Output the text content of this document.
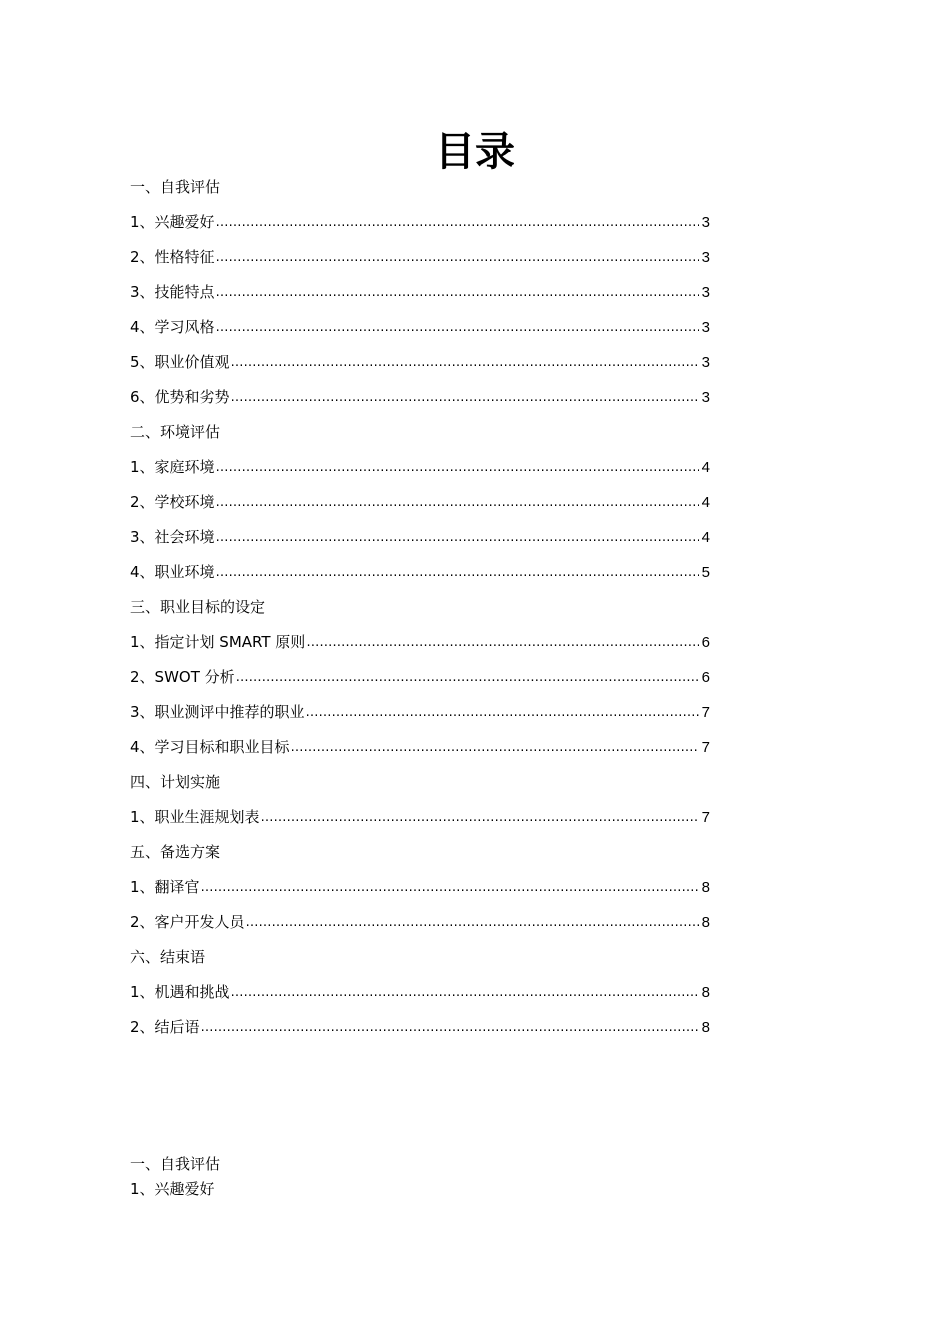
目录
一、自我评估
1、兴趣爱好 ………………………………………………………………………………………………………………………………………………………………………………………………………	3
2、性格特征 ………………………………………………………………………………………………………………………………………………………………………………………………………	3
3、技能特点 ………………………………………………………………………………………………………………………………………………………………………………………………………	3
4、学习风格 ………………………………………………………………………………………………………………………………………………………………………………………………………	3
5、职业价值观 ………………………………………………………………………………………………………………………………………………………………………………………………………	3
6、优势和劣势 ………………………………………………………………………………………………………………………………………………………………………………………………………	3
二、环境评估
1、家庭环境 ………………………………………………………………………………………………………………………………………………………………………………………………………	4
2、学校环境 ………………………………………………………………………………………………………………………………………………………………………………………………………	4
3、社会环境 ………………………………………………………………………………………………………………………………………………………………………………………………………	4
4、职业环境 ………………………………………………………………………………………………………………………………………………………………………………………………………	5
三、职业目标的设定
1、指定计划 SMART 原则 ………………………………………………………………………………………………………………………………………………………………………………………………………	6
2、SWOT 分析 ………………………………………………………………………………………………………………………………………………………………………………………………………	6
3、职业测评中推荐的职业 ………………………………………………………………………………………………………………………………………………………………………………………………………	7
4、学习目标和职业目标 ………………………………………………………………………………………………………………………………………………………………………………………………………	7
四、计划实施
1、职业生涯规划表 ………………………………………………………………………………………………………………………………………………………………………………………………………	7
五、备选方案
1、翻译官 ………………………………………………………………………………………………………………………………………………………………………………………………………	8
2、客户开发人员 ………………………………………………………………………………………………………………………………………………………………………………………………………	8
六、结束语
1、机遇和挑战 ………………………………………………………………………………………………………………………………………………………………………………………………………	8
2、结后语 ………………………………………………………………………………………………………………………………………………………………………………………………………	8
一、自我评估
1、兴趣爱好
